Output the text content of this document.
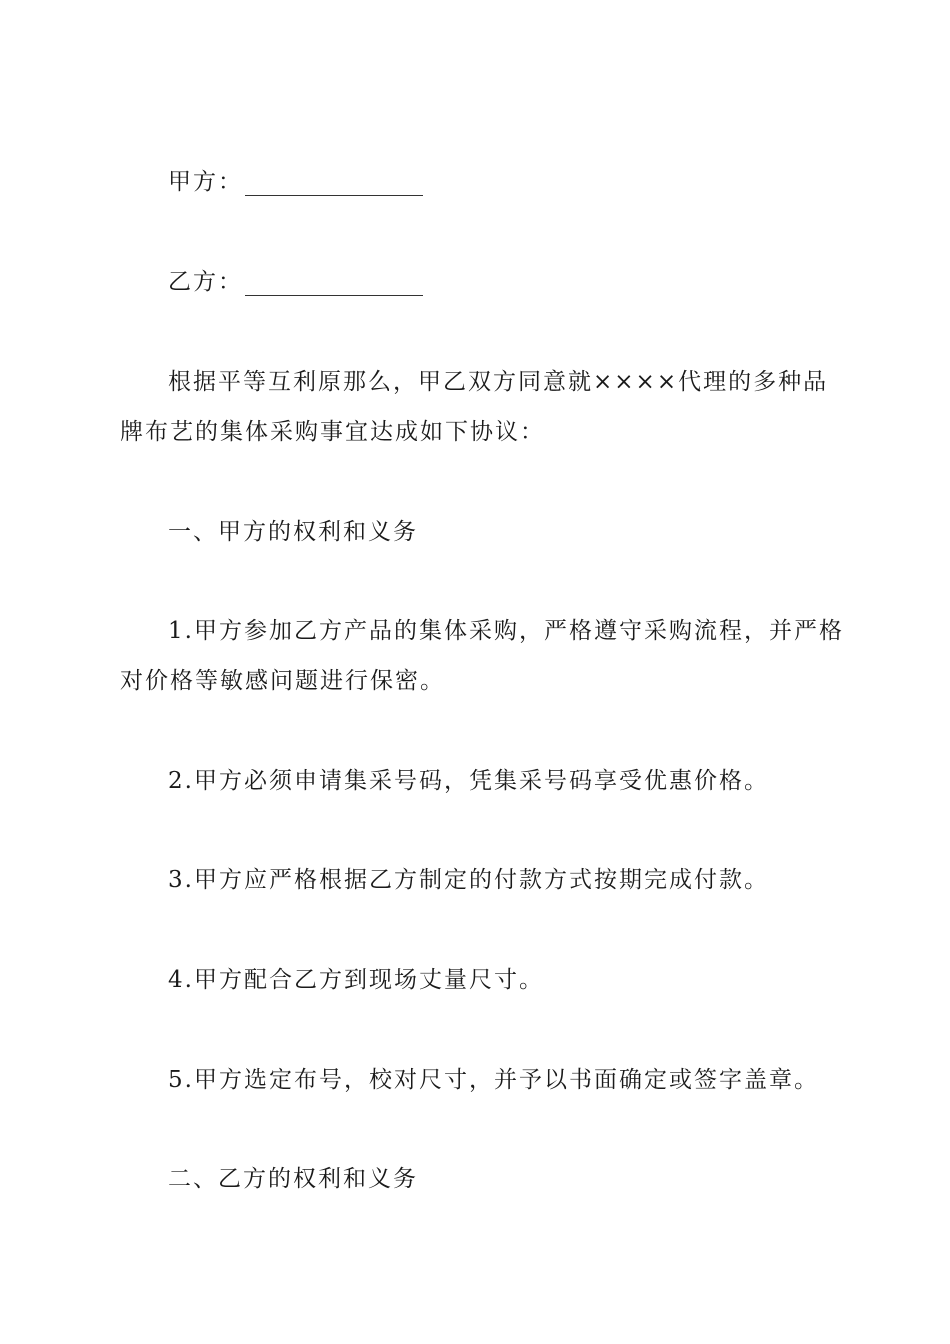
甲方：
乙方：
根据平等互利原那么，甲乙双方同意就××××代理的多种品
牌布艺的集体采购事宜达成如下协议：
一、甲方的权利和义务
1.甲方参加乙方产品的集体采购，严格遵守采购流程，并严格
对价格等敏感问题进行保密。
2.甲方必须申请集采号码，凭集采号码享受优惠价格。
3.甲方应严格根据乙方制定的付款方式按期完成付款。
4.甲方配合乙方到现场丈量尺寸。
5.甲方选定布号，校对尺寸，并予以书面确定或签字盖章。
二、乙方的权利和义务
